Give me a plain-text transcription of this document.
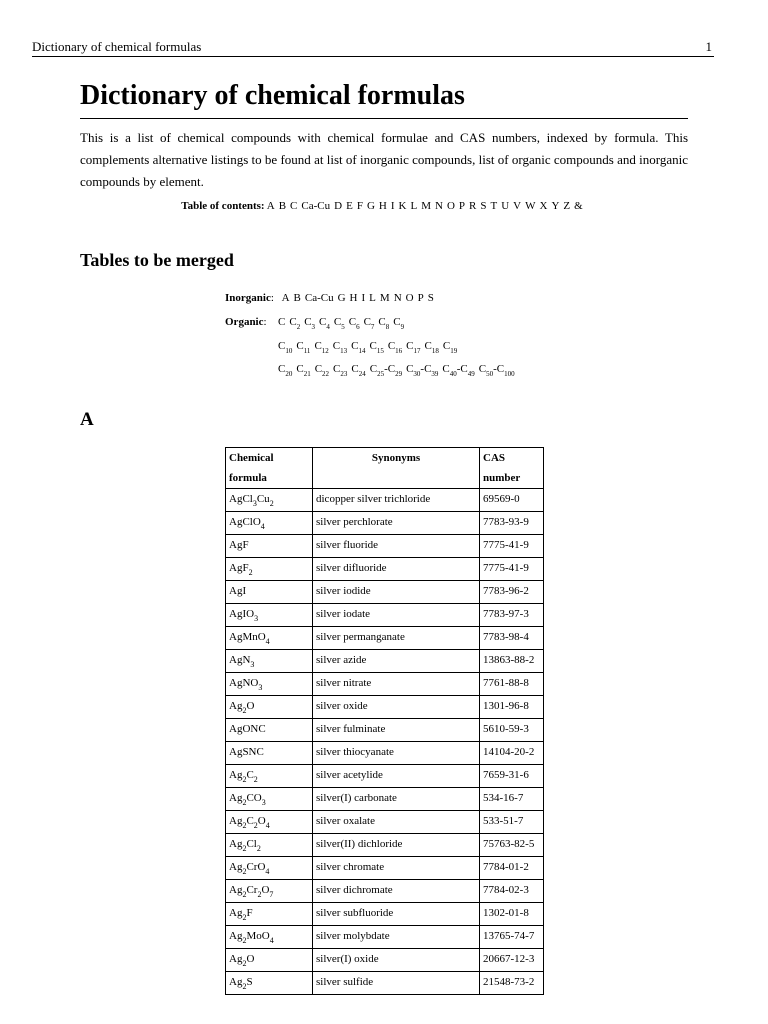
Dictionary of chemical formulas	1
Dictionary of chemical formulas

This is a list of chemical compounds with chemical formulae and CAS numbers, indexed by formula. This complements alternative listings to be found at list of inorganic compounds, list of organic compounds and inorganic compounds by element.

Table of contents: A B C Ca-Cu D E F G H I K L M N O P R S T U V W X Y Z &
Tables to be merged
Inorganic:   A B Ca-Cu G H I L M N O P S
Organic: C $C_2$ $C_3$ $C_4$ $C_5$ $C_6$ $C_7$ $C_8$ $C_9$
$C_{10}$ $C_{11}$ $C_{12}$ $C_{13}$ $C_{14}$ $C_{15}$ $C_{16}$ $C_{17}$ $C_{18}$ $C_{19}$
$C_{20}$ $C_{21}$ $C_{22}$ $C_{23}$ $C_{24}$ $C_{25}-C_{29}$ $C_{30}-C_{39}$ $C_{40}-C_{49}$ $C_{50}-C_{100}$
A
Chemical formula	Synonyms	CAS number
$AgCl_3Cu_2$	dicopper silver trichloride	69569-0
AgClO$_4$	silver perchlorate	7783-93-9
AgF	silver fluoride	7775-41-9
AgF$_2$	silver difluoride	7775-41-9
AgI	silver iodide	7783-96-2
AgIO$_3$	silver iodate	7783-97-3
AgMnO$_4$	silver permanganate	7783-98-4
AgN$_3$	silver azide	13863-88-2
AgNO$_3$	silver nitrate	7761-88-8
$Ag_2O$	silver oxide	1301-96-8
AgONC	silver fulminate	5610-59-3
AgSNC	silver thiocyanate	14104-20-2
$Ag_2C_2$	silver acetylide	7659-31-6
$Ag_2CO_3$	silver(I) carbonate	534-16-7
$Ag_2C_2O_4$	silver oxalate	533-51-7
$Ag_2Cl_2$	silver(II) dichloride	75763-82-5
$Ag_2CrO_4$	silver chromate	7784-01-2
$Ag_2Cr_2O_7$	silver dichromate	7784-02-3
$Ag_2F$	silver subfluoride	1302-01-8
$Ag_2MoO_4$	silver molybdate	13765-74-7
$Ag_2O$	silver(I) oxide	20667-12-3
$Ag_2S$	silver sulfide	21548-73-2
